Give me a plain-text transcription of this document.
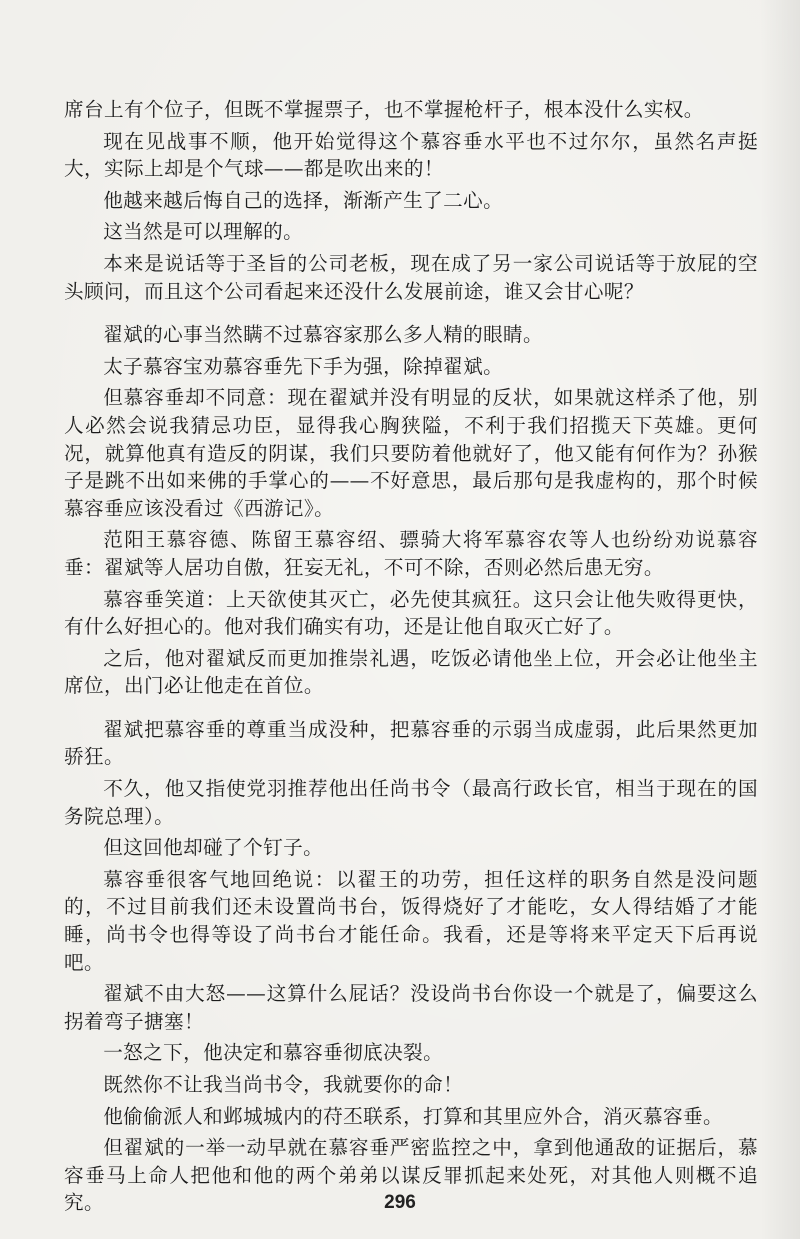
席台上有个位子，但既不掌握票子，也不掌握枪杆子，根本没什么实权。

现在见战事不顺，他开始觉得这个慕容垂水平也不过尔尔，虽然名声挺大，实际上却是个气球——都是吹出来的！

他越来越后悔自己的选择，渐渐产生了二心。

这当然是可以理解的。

本来是说话等于圣旨的公司老板，现在成了另一家公司说话等于放屁的空头顾问，而且这个公司看起来还没什么发展前途，谁又会甘心呢？

翟斌的心事当然瞒不过慕容家那么多人精的眼睛。

太子慕容宝劝慕容垂先下手为强，除掉翟斌。

但慕容垂却不同意：现在翟斌并没有明显的反状，如果就这样杀了他，别人必然会说我猜忌功臣，显得我心胸狭隘，不利于我们招揽天下英雄。更何况，就算他真有造反的阴谋，我们只要防着他就好了，他又能有何作为？孙猴子是跳不出如来佛的手掌心的——不好意思，最后那句是我虚构的，那个时候慕容垂应该没看过《西游记》。

范阳王慕容德、陈留王慕容绍、骠骑大将军慕容农等人也纷纷劝说慕容垂：翟斌等人居功自傲，狂妄无礼，不可不除，否则必然后患无穷。

慕容垂笑道：上天欲使其灭亡，必先使其疯狂。这只会让他失败得更快，有什么好担心的。他对我们确实有功，还是让他自取灭亡好了。

之后，他对翟斌反而更加推崇礼遇，吃饭必请他坐上位，开会必让他坐主席位，出门必让他走在首位。

翟斌把慕容垂的尊重当成没种，把慕容垂的示弱当成虚弱，此后果然更加骄狂。

不久，他又指使党羽推荐他出任尚书令（最高行政长官，相当于现在的国务院总理）。

但这回他却碰了个钉子。

慕容垂很客气地回绝说：以翟王的功劳，担任这样的职务自然是没问题的，不过目前我们还未设置尚书台，饭得烧好了才能吃，女人得结婚了才能睡，尚书令也得等设了尚书台才能任命。我看，还是等将来平定天下后再说吧。

翟斌不由大怒——这算什么屁话？没设尚书台你设一个就是了，偏要这么拐着弯子搪塞！

一怒之下，他决定和慕容垂彻底决裂。

既然你不让我当尚书令，我就要你的命！

他偷偷派人和邺城城内的苻丕联系，打算和其里应外合，消灭慕容垂。

但翟斌的一举一动早就在慕容垂严密监控之中，拿到他通敌的证据后，慕容垂马上命人把他和他的两个弟弟以谋反罪抓起来处死，对其他人则概不追究。	296
